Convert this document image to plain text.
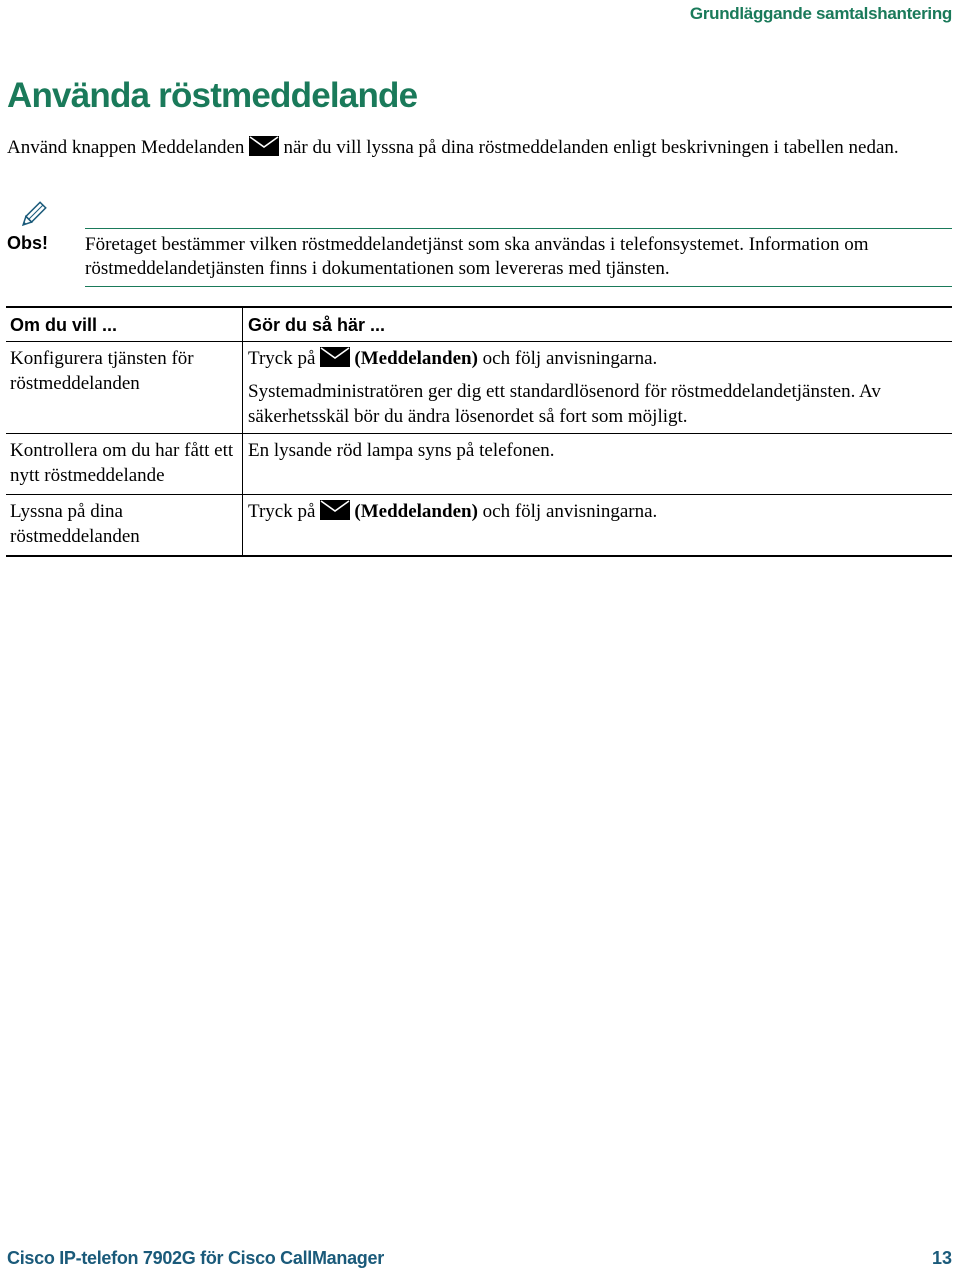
Grundläggande samtalshantering
Använda röstmeddelande

Använd knappen Meddelanden när du vill lyssna på dina röstmeddelanden enligt beskrivningen i tabellen nedan.

Obs! Företaget bestämmer vilken röstmeddelandetjänst som ska användas i telefonsystemet. Information om röstmeddelandetjänsten finns i dokumentationen som levereras med tjänsten.

Om du vill ...	Gör du så här ...
Konfigurera tjänsten för röstmeddelanden	Tryck på (Meddelanden) och följ anvisningarna.

Systemadministratören ger dig ett standardlösenord för röstmeddelandetjänsten. Av säkerhetsskäl bör du ändra lösenordet så fort som möjligt.

Kontrollera om du har fått ett nytt röstmeddelande	En lysande röd lampa syns på telefonen.

Lyssna på dina röstmeddelanden	Tryck på (Meddelanden) och följ anvisningarna.

Cisco IP-telefon 7902G för Cisco CallManager	13
